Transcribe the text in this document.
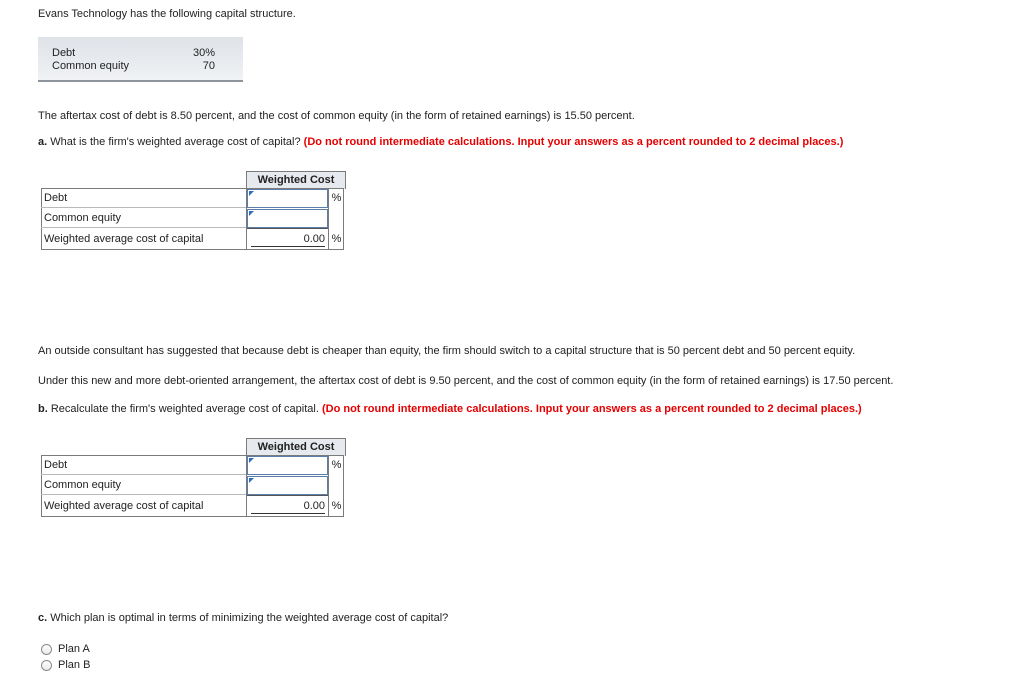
Evans Technology has the following capital structure.
Debt	30%
Common equity	70
The aftertax cost of debt is 8.50 percent, and the cost of common equity (in the form of retained earnings) is 15.50 percent.
a. What is the firm's weighted average cost of capital? (Do not round intermediate calculations. Input your answers as a percent rounded to 2 decimal places.)
Weighted Cost
Debt
Common equity
Weighted average cost of capital
%
0.00 %
An outside consultant has suggested that because debt is cheaper than equity, the firm should switch to a capital structure that is 50 percent debt and 50 percent equity.
Under this new and more debt-oriented arrangement, the aftertax cost of debt is 9.50 percent, and the cost of common equity (in the form of retained earnings) is 17.50 percent.
b. Recalculate the firm's weighted average cost of capital. (Do not round intermediate calculations. Input your answers as a percent rounded to 2 decimal places.)
Weighted Cost
Debt
Common equity
Weighted average cost of capital
%
0.00 %
c. Which plan is optimal in terms of minimizing the weighted average cost of capital?
Plan A
Plan B
